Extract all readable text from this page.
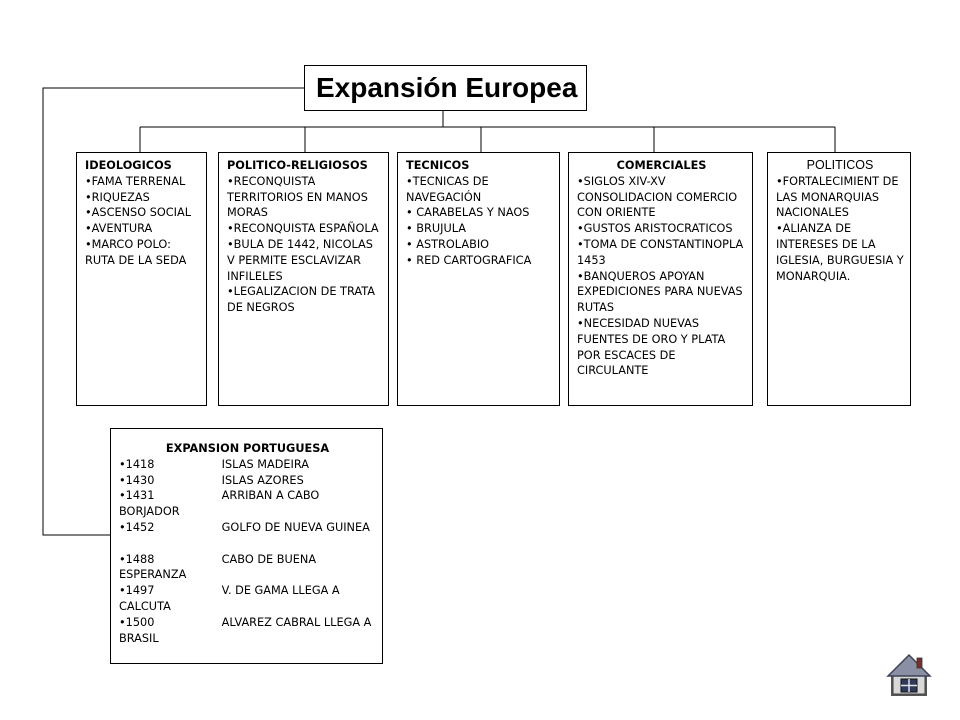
Expansión Europea
IDEOLOGICOS
• FAMA TERRENAL
• RIQUEZAS
• ASCENSO SOCIAL
• AVENTURA
• MARCO POLO: RUTA DE LA SEDA
POLITICO-RELIGIOSOS
• RECONQUISTA TERRITORIOS EN MANOS MORAS
• RECONQUISTA ESPAÑOLA
• BULA DE 1442, NICOLAS V PERMITE ESCLAVIZAR INFILELES
• LEGALIZACION DE TRATA DE NEGROS
TECNICOS
• TECNICAS DE NAVEGACIÓN
• CARABELAS Y NAOS
• BRUJULA
• ASTROLABIO
• RED CARTOGRAFICA
COMERCIALES
• SIGLOS XIV-XV CONSOLIDACION COMERCIO CON ORIENTE
• GUSTOS ARISTOCRATICOS
• TOMA DE CONSTANTINOPLA 1453
• BANQUEROS APOYAN EXPEDICIONES PARA NUEVAS RUTAS
• NECESIDAD NUEVAS FUENTES DE ORO Y PLATA POR ESCACES DE CIRCULANTE
POLITICOS
• FORTALECIMIENT DE LAS MONARQUIAS NACIONALES
• ALIANZA DE INTERESES DE LA IGLESIA, BURGUESIA Y MONARQUIA.
EXPANSION PORTUGUESA
• 1418	ISLAS MADEIRA
• 1430	ISLAS AZORES
• 1431	ARRIBAN A CABO BORJADOR
• 1452	GOLFO DE NUEVA GUINEA
• 1488	CABO DE BUENA ESPERANZA
• 1497	V. DE GAMA LLEGA A CALCUTA
• 1500	ALVAREZ CABRAL LLEGA A BRASIL
